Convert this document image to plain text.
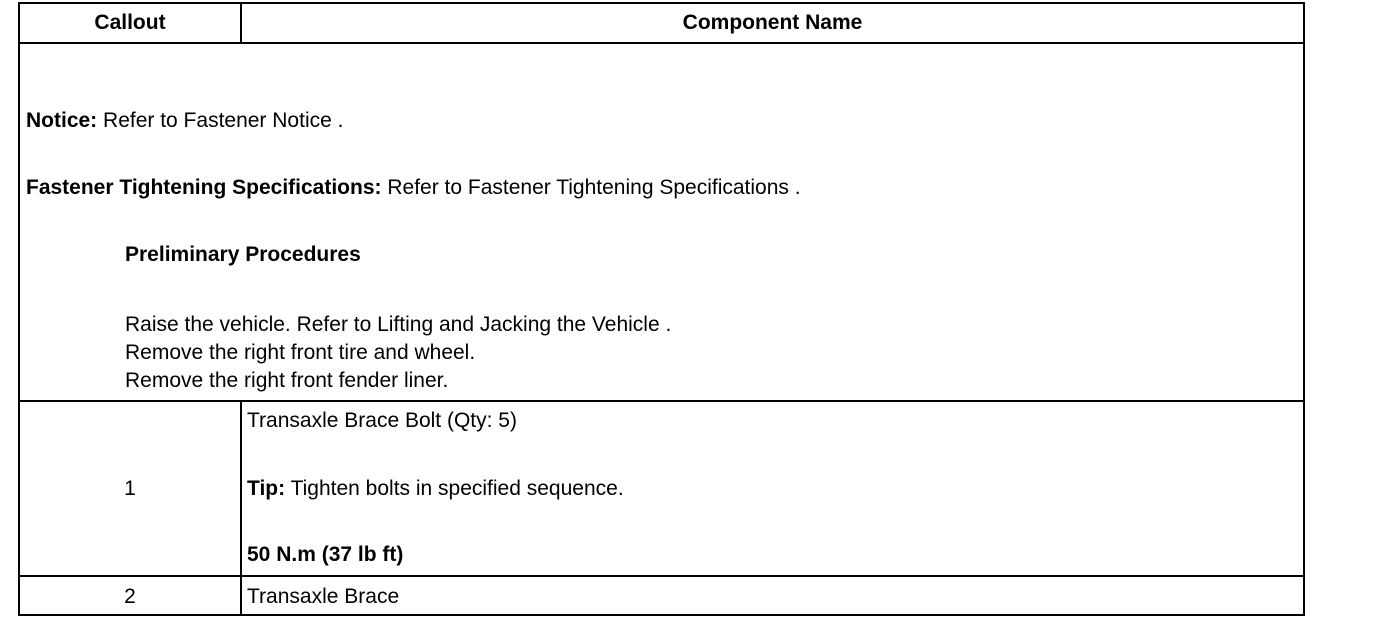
Callout	Component Name
Notice: Refer to Fastener Notice .
Fastener Tightening Specifications: Refer to Fastener Tightening Specifications .
Preliminary Procedures
Raise the vehicle. Refer to Lifting and Jacking the Vehicle .
Remove the right front tire and wheel.
Remove the right front fender liner.
1
Transaxle Brace Bolt (Qty: 5)
Tip: Tighten bolts in specified sequence.
50 N.m (37 lb ft)
2	Transaxle Brace
